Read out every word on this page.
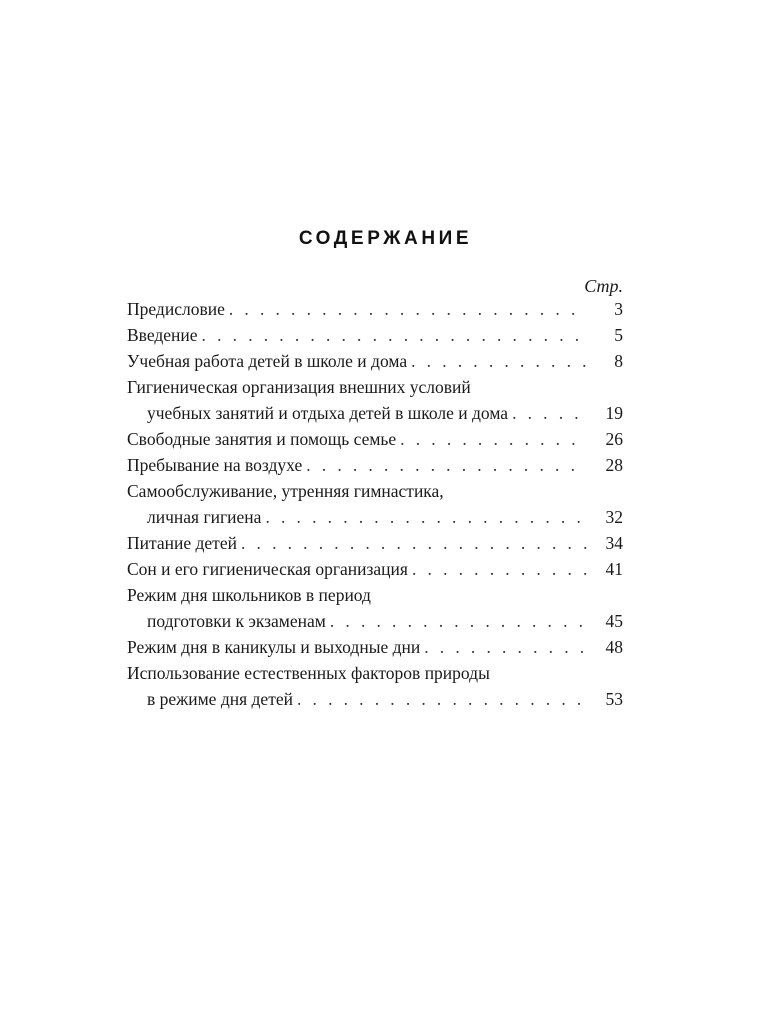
СОДЕРЖАНИЕ
Стр.
Предисловие . . .	3
Введение . . .	5
Учебная работа детей в школе и дома . . .	8
Гигиеническая организация внешних условий
учебных занятий и отдыха детей в школе и дома . . .	19
Свободные занятия и помощь семье . . .	26
Пребывание на воздухе . . .	28
Самообслуживание, утренняя гимнастика,
личная гигиена . . .	32
Питание детей . . .	34
Сон и его гигиеническая организация . . .	41
Режим дня школьников в период
подготовки к экзаменам . . .	45
Режим дня в каникулы и выходные дни . . .	48
Использование естественных факторов природы
в режиме дня детей . . .	53
